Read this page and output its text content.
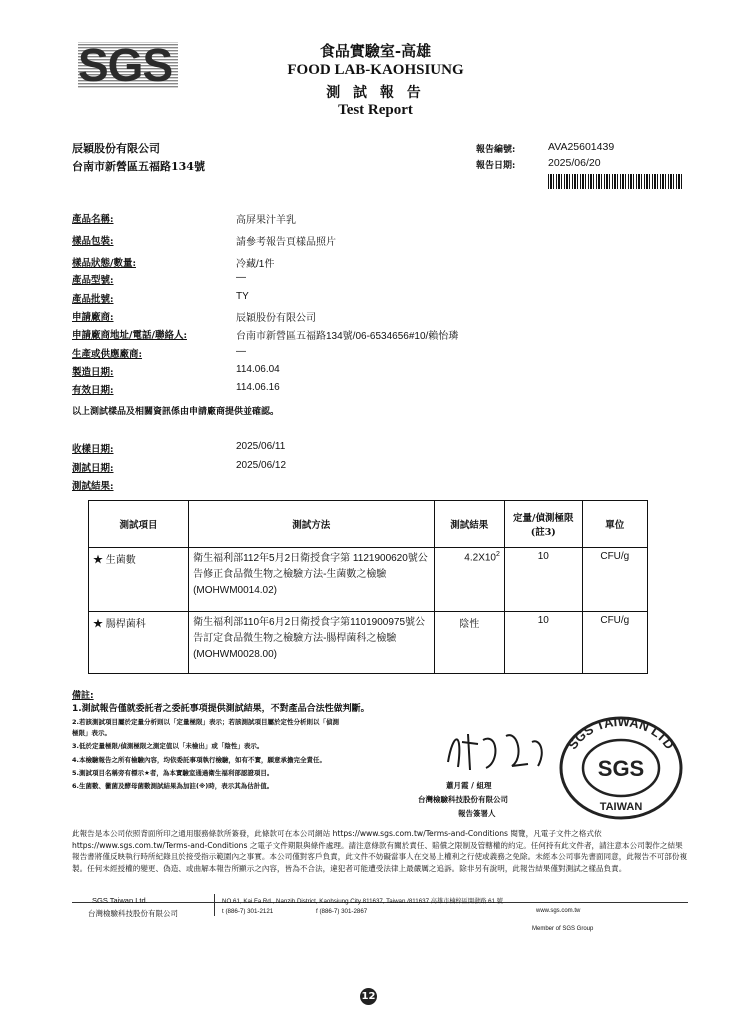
SGS	食品實驗室-高雄
FOOD LAB-KAOHSIUNG
測 試 報 告
Test Report
辰穎股份有限公司
台南市新營區五福路134號
報告編號:	AVA25601439
報告日期:	2025/06/20
產品名稱:	高屏果汁羊乳
樣品包裝:	請參考報告頁樣品照片
樣品狀態/數量:	冷藏/1件
產品型號:	—
產品批號:	TY
申請廠商:	辰穎股份有限公司
申請廠商地址/電話/聯絡人:	台南市新營區五福路134號/06-6534656#10/賴怡璘
生產或供應廠商:	—
製造日期:	114.06.04
有效日期:	114.06.16
以上測試樣品及相關資訊係由申請廠商提供並確認。
收樣日期:	2025/06/11
測試日期:	2025/06/12
測試結果:
測試項目	測試方法	測試結果	定量/偵測極限(註3)	單位
★ 生菌數	衛生福利部112年5月2日衛授食字第 1121900620號公告修正食品微生物之檢驗方法-生菌數之檢驗(MOHWM0014.02)	$4.2X10^2$	10	CFU/g
★ 腸桿菌科	衛生福利部110年6月2日衛授食字第1101900975號公告訂定食品微生物之檢驗方法-腸桿菌科之檢驗(MOHWM0028.00)	陰性	10	CFU/g
備註:
1.測試報告僅就委託者之委託事項提供測試結果，不對產品合法性做判斷。
2.若該測試項目屬於定量分析則以「定量極限」表示；若該測試項目屬於定性分析則以「偵測
極限」表示。
3.低於定量極限/偵測極限之測定值以「未檢出」或「陰性」表示。
4.本檢驗報告之所有檢驗內容，均依委託事項執行檢驗，如有不實，願意承擔完全責任。
5.測試項目名稱旁有標示★者，為本實驗室通過衛生福利部認證項目。
6.生菌數、黴菌及酵母菌數測試結果為加註(※)時，表示其為估計值。	蕭月霞 / 組理
台灣檢驗科技股份有限公司
報告簽署人
SGS TAIWAN LTD
SGS
TAIWAN
此報告是本公司依照背面所印之通用服務條款所簽發，此條款可在本公司網站 https://www.sgs.com.tw/Terms-and-Conditions 閱覽，凡電子文件之格式依 https://www.sgs.com.tw/Terms-and-Conditions 之電子文件期限與條件處理。請注意條款有關於責任、賠償之限制及管轄權的約定。任何持有此文件者，請注意本公司製作之結果報告書將僅反映執行時所紀錄且於接受指示範圍內之事實。本公司僅對客戶負責，此文件不妨礙當事人在交易上權利之行使或義務之免除。未經本公司事先書面同意，此報告不可部份複製。任何未經授權的變更、偽造、或曲解本報告所顯示之內容，皆為不合法，違犯者可能遭受法律上最嚴厲之追訴。除非另有說明，此報告結果僅對測試之樣品負責。
SGS Taiwan Ltd.
台灣檢驗科技股份有限公司
NO.61, Kai Fa Rd., Nanzih District, Kaohsiung City 811637, Taiwan /811637 高雄市楠梓區開發路 61 號
t (886-7) 301-2121	f (886-7) 301-2867	www.sgs.com.tw
Member of SGS Group
12
